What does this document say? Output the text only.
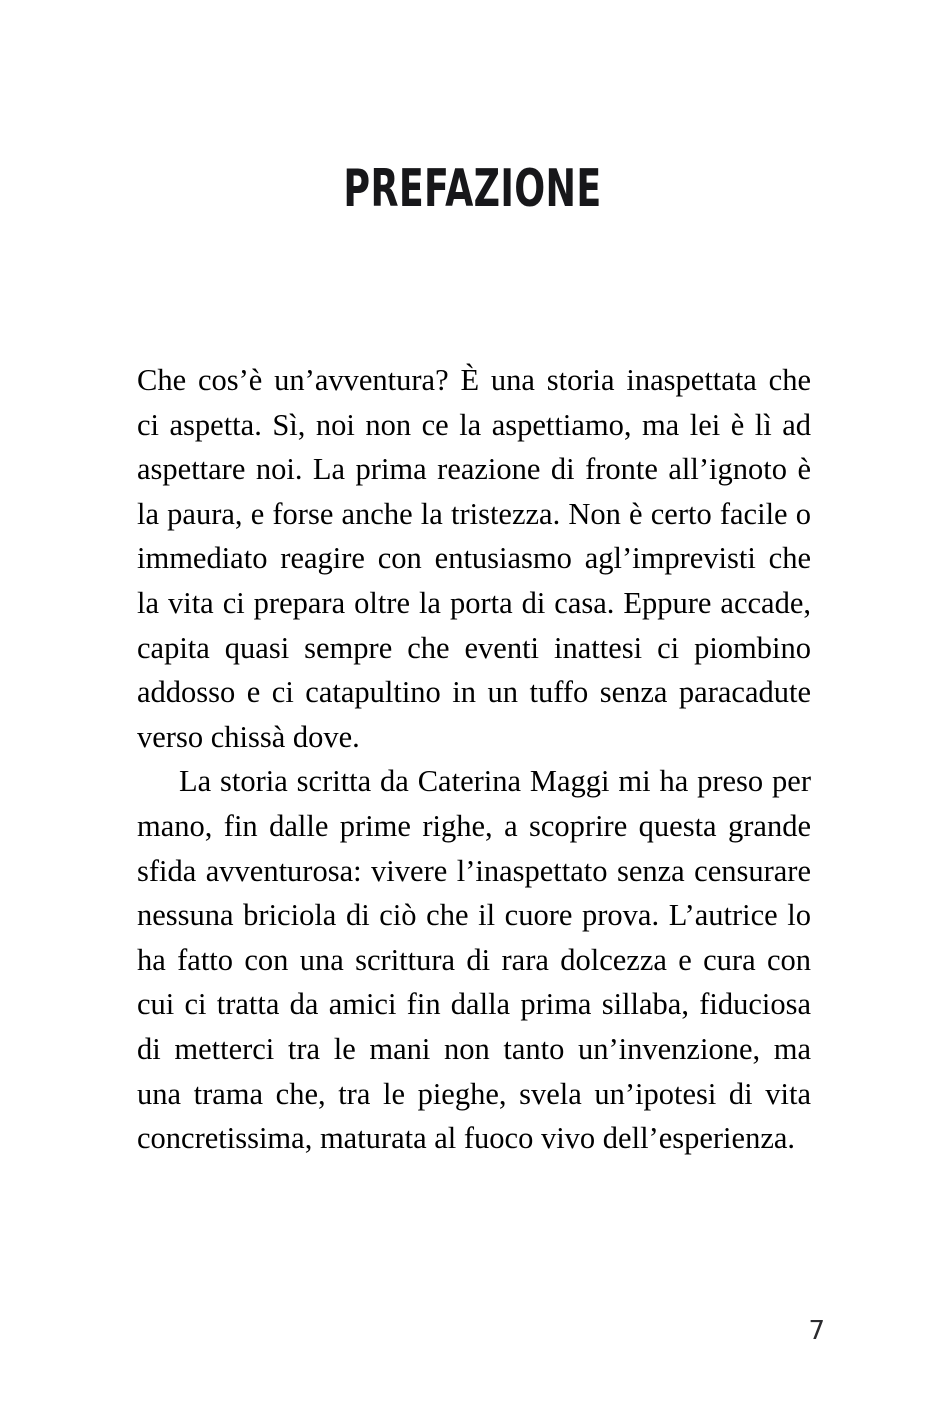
PREFAZIONE

Che cos’è un’avventura? È una storia inaspettata che ci aspetta. Sì, noi non ce la aspettiamo, ma lei è lì ad aspettare noi. La prima reazione di fronte all’ignoto è la paura, e forse anche la tristezza. Non è certo facile o immediato reagire con entusiasmo agl’imprevisti che la vita ci prepara oltre la porta di casa. Eppure accade, capita quasi sempre che eventi inattesi ci piombino addosso e ci catapultino in un tuffo senza paracadute verso chissà dove.

La storia scritta da Caterina Maggi mi ha preso per mano, fin dalle prime righe, a scoprire questa grande sfida avventurosa: vivere l’inaspettato senza censurare nessuna briciola di ciò che il cuore prova. L’autrice lo ha fatto con una scrittura di rara dolcezza e cura con cui ci tratta da amici fin dalla prima sillaba, fiduciosa di metterci tra le mani non tanto un’invenzione, ma una trama che, tra le pieghe, svela un’ipotesi di vita concretissima, maturata al fuoco vivo dell’esperienza.

7
